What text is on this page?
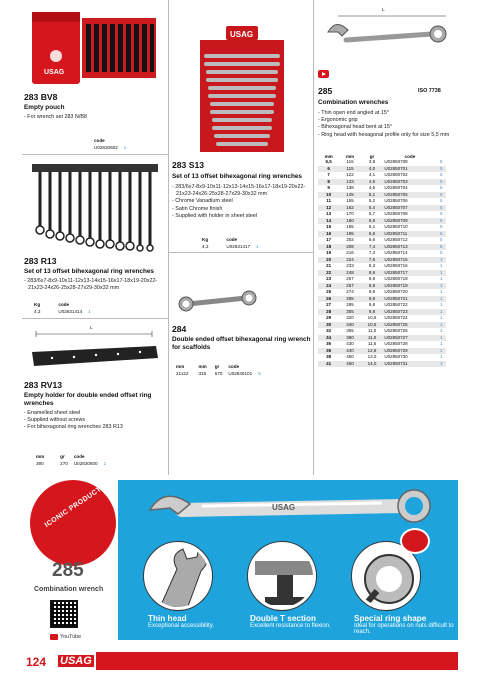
USAG
283 BV8
Empty pouch
- For wrench set 283 N/B8
code	
U02830602	1
283 R13
Set of 13 offset bihexagonal ring wrenches
- 283/6x7-8x9-10x11-12x13-14x15-16x17-18x19-20x22-21x23-24x26-25x28-27x29-30x32 mm
Kg	code	
4,3	U02831414	1
L
283 RV13
Empty holder for double ended offset ring wrenches
- Enamelled sheet steel
- Supplied without screws
- For bihexagonal ring wrenches 283 R13
mm	gr	code	
390	270	U02830600	1
USAG
283 S13
Set of 13 offset bihexagonal ring wrenches
- 283/6x7-8x9-10x11-12x13-14x15-16x17-18x19-20x22-21x23-24x26-25x28-27x29-30x32 mm
- Chrome Vanadium steel
- Satin Chrome finish
- Supplied with holder in sheet steel
Kg	code	
4,3	U02831417	1
284
Double ended offset bihexagonal ring wrench for scaffolds
mm	mm	gr	code	
21x22	315	570	U02840101	5
L
285	ISO 7738
Combination wrenches
- Thin open end angled at 15°
- Ergonomic grip
- Bihexagonal head bent at 15°
- Ring head with hexagonal profile only for size 5,5 mm
mm	mm	gr	code	
5,5	115	3,8	U02850708	5
6	115	4,0	U02850701	5
7	122	4,1	U02850702	5
8	133	4,6	U02850703	5
9	138	4,6	U02850704	5
10	145	5,1	U02850705	5
11	155	5,2	U02850706	5
12	162	5,4	U02850707	5
13	170	5,7	U02850708	5
14	180	5,9	U02850709	5
15	185	6,1	U02850710	5
16	195	6,6	U02850711	5
17	202	6,6	U02850712	5
18	208	7,4	U02850713	5
19	216	7,4	U02850714	5
20	224	7,5	U02850715	1
21	233	8,3	U02850716	1
22	248	8,6	U02850717	1
23	257	8,9	U02850718	1
24	267	8,9	U02850719	1
25	274	9,8	U02850720	1
26	285	9,8	U02850721	1
27	295	9,8	U02850722	1
28	305	9,8	U02850723	1
29	320	10,5	U02850724	1
30	340	10,5	U02850725	1
32	355	11,0	U02850726	1
34	390	11,0	U02850727	1
35	430	11,5	U02850728	1
36	440	12,8	U02850729	1
38	450	13,0	U02850730	1
41	460	14,0	U02850731	1
ICONIC PRODUCT
285
Combination wrench
YouTube
USAG
Thin head
Exceptional accessibility.
Double T section
Excellent resistance to flexion.
Special ring shape
Ideal for operations on nuts difficult to reach.
124 USAG
